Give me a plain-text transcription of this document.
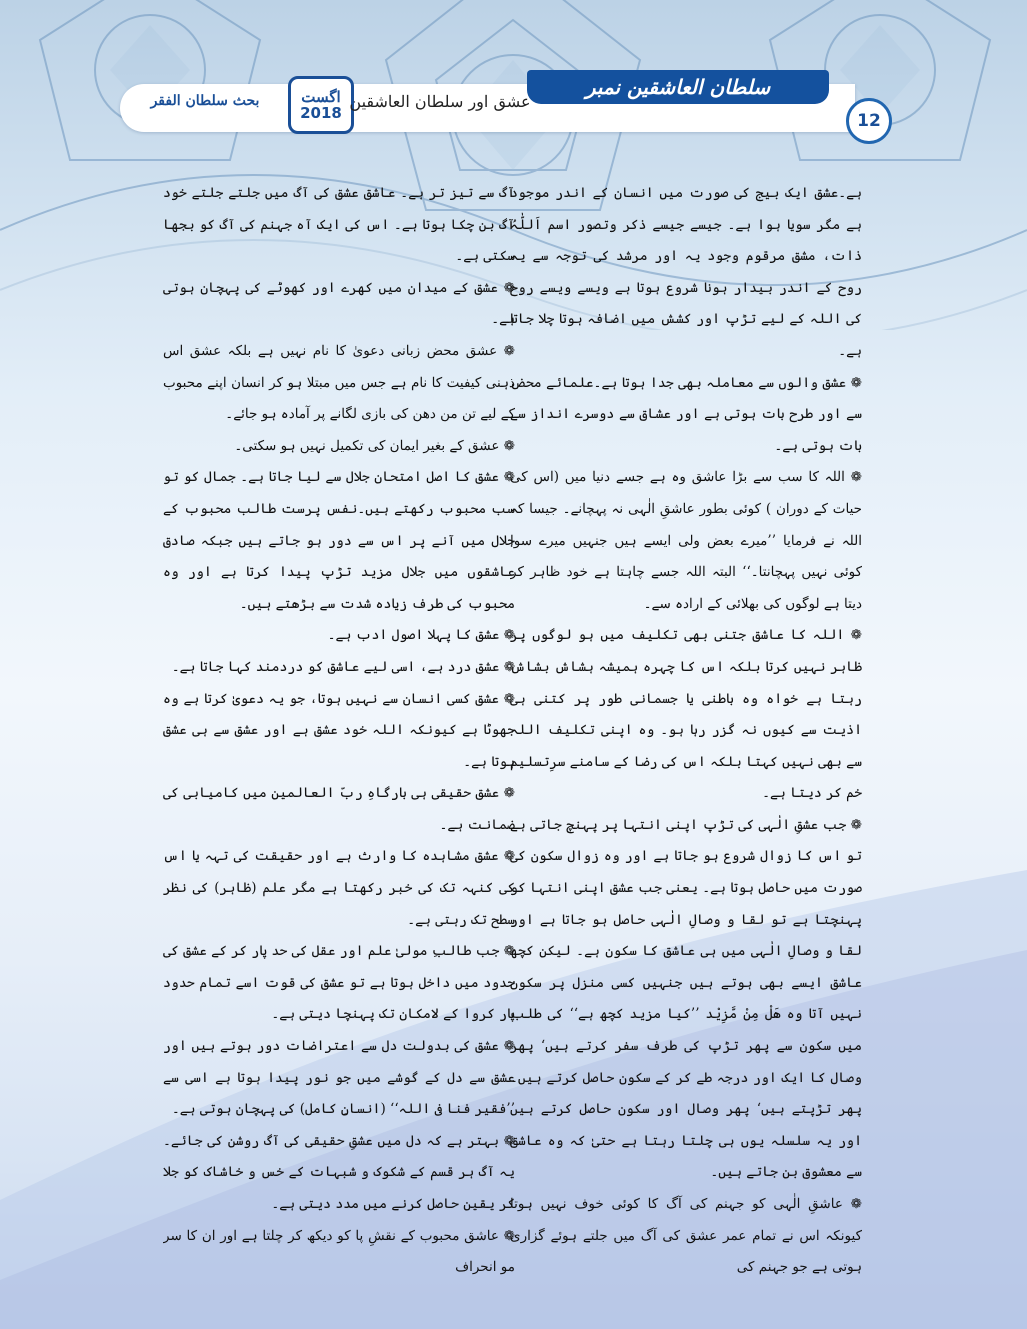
سلطان العاشقین نمبر
بحث سلطان الفقر	اگست
2018
عشق اور سلطان العاشقین
12

ہے۔عشق ایک بیج کی صورت میں انسان کے اندر موجود ہے مگر سویا ہوا ہے۔ جیسے جیسے ذکر وتصور اسم اَللّٰہُ ذات، مشق مرقوم وجود یہ اور مرشد کی توجہ سے یہ روح کے اندر بیدار ہونا شروع ہوتا ہے ویسے ویسے روح کی اللہ کے لیے تڑپ اور کشش میں اضافہ ہوتا چلا جاتا ہے۔

❁ عشق والوں سے معاملہ بھی جدا ہوتا ہے۔علمائے محض سے اور طرح بات ہوتی ہے اور عشاق سے دوسرے انداز سے بات ہوتی ہے۔

❁ اللہ کا سب سے بڑا عاشق وہ ہے جسے دنیا میں (اس کی حیات کے دوران ) کوئی بطور عاشقِ الٰہی نہ پہچانے۔ جیسا کہ اللہ نے فرمایا ’’میرے بعض ولی ایسے ہیں جنہیں میرے سوا کوئی نہیں پہچانتا۔‘‘ البتہ اللہ جسے چاہتا ہے خود ظاہر کر دیتا ہے لوگوں کی بھلائی کے ارادہ سے۔

❁ اللہ کا عاشق جتنی بھی تکلیف میں ہو لوگوں پر ظاہر نہیں کرتا بلکہ اس کا چہرہ ہمیشہ ہشاش بشاش رہتا ہے خواہ وہ باطنی یا جسمانی طور پر کتنی ہی اذیت سے کیوں نہ گزر رہا ہو۔ وہ اپنی تکلیف اللہ سے بھی نہیں کہتا بلکہ اس کی رضا کے سامنے سرِتسلیم خم کر دیتا ہے۔

❁ جب عشقِ الٰہی کی تڑپ اپنی انتہا پر پہنچ جاتی ہے تو اس کا زوال شروع ہو جاتا ہے اور وہ زوال سکون کی صورت میں حاصل ہوتا ہے۔ یعنی جب عشق اپنی انتہا کو پہنچتا ہے تو لقا و وصالِ الٰہی حاصل ہو جاتا ہے اور لقا و وصالِ الٰہی میں ہی عاشق کا سکون ہے۔ لیکن کچھ عاشق ایسے بھی ہوتے ہیں جنہیں کسی منزل پر سکون نہیں آتا وہ ھَلْ مِنْ مَّزِیْد ’’کیا مزید کچھ ہے‘‘ کی طلب میں سکون سے پھر تڑپ کی طرف سفر کرتے ہیں‘ پھر وصال کا ایک اور درجہ طے کر کے سکون حاصل کرتے ہیں۔ پھر تڑپتے ہیں‘ پھر وصال اور سکون حاصل کرتے ہیں اور یہ سلسلہ یوں ہی چلتا رہتا ہے حتیٰ کہ وہ عاشق سے معشوق بن جاتے ہیں۔

❁ عاشقِ الٰہی کو جہنم کی آگ کا کوئی خوف نہیں ہوتا کیونکہ اس نے تمام عمر عشق کی آگ میں جلتے ہوئے گزاری ہوتی ہے جو جہنم کی

آگ سے تیز تر ہے۔ عاشق عشق کی آگ میں جلتے جلتے خود آگ بن چکا ہوتا ہے۔ اس کی ایک آہ جہنم کی آگ کو بجھا سکتی ہے۔

❁ عشق کے میدان میں کھرے اور کھوٹے کی پہچان ہوتی ہے۔

❁ عشق محض زبانی دعویٰ کا نام نہیں ہے بلکہ عشق اس ذہنی کیفیت کا نام ہے جس میں مبتلا ہو کر انسان اپنے محبوب کے لیے تن من دھن کی بازی لگانے پر آمادہ ہو جائے۔

❁ عشق کے بغیر ایمان کی تکمیل نہیں ہو سکتی۔

❁ عشق کا اصل امتحان جلال سے لیا جاتا ہے۔ جمال کو تو سب محبوب رکھتے ہیں۔نفس پرست طالب محبوب کے جلال میں آنے پر اس سے دور ہو جاتے ہیں جبکہ صادق عاشقوں میں جلال مزید تڑپ پیدا کرتا ہے اور وہ محبوب کی طرف زیادہ شدت سے بڑھتے ہیں۔

❁ عشق کا پہلا اصول ادب ہے۔

❁ عشق درد ہے، اسی لیے عاشق کو دردمند کہا جاتا ہے۔

❁ عشق کسی انسان سے نہیں ہوتا، جو یہ دعویٰ کرتا ہے وہ جھوٹا ہے کیونکہ اللہ خود عشق ہے اور عشق سے ہی عشق ہوتا ہے۔

❁ عشق حقیقی ہی بارگاہِ ربّ العالمین میں کامیابی کی ضمانت ہے۔

❁ عشق مشاہدہ کا وارث ہے اور حقیقت کی تہہ یا اس کی کنہہ تک کی خبر رکھتا ہے مگر علم (ظاہر) کی نظر سطح تک رہتی ہے۔

❁ جب طالبِ مولیٰ علم اور عقل کی حد پار کر کے عشق کی حدود میں داخل ہوتا ہے تو عشق کی قوت اسے تمام حدود پار کروا کے لامکان تک پہنچا دیتی ہے۔

❁ عشق کی بدولت دل سے اعتراضات دور ہوتے ہیں اور عشق سے دل کے گوشے میں جو نور پیدا ہوتا ہے اسی سے ’’فقیر فنا فی اللہ‘‘ (انسانِ کامل) کی پہچان ہوتی ہے۔

❁ بہتر ہے کہ دل میں عشقِ حقیقی کی آگ روشن کی جائے۔ یہ آگ ہر قسم کے شکوک و شبہات کے خس و خاشاک کو جلا کر یقین حاصل کرنے میں مدد دیتی ہے۔

❁ عاشق محبوب کے نقشِ پا کو دیکھ کر چلتا ہے اور ان کا سر مو انحراف
